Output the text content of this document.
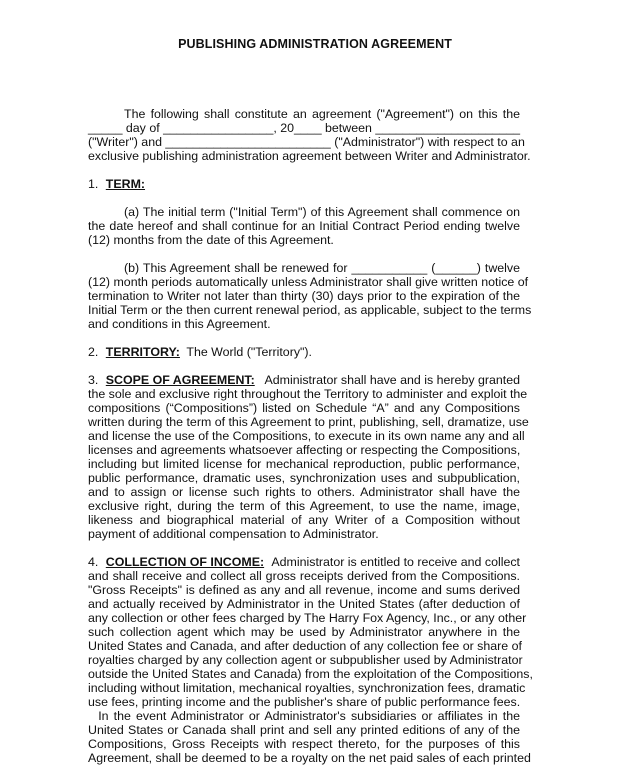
PUBLISHING ADMINISTRATION AGREEMENT
The following shall constitute an agreement ("Agreement") on this the
_____ day of ________________, 20____ between _____________________
("Writer") and ________________________ ("Administrator") with respect to an
exclusive publishing administration agreement between Writer and Administrator.
1. TERM:
(a) The initial term ("Initial Term") of this Agreement shall commence on
the date hereof and shall continue for an Initial Contract Period ending twelve
(12) months from the date of this Agreement.
(b) This Agreement shall be renewed for ___________ (______) twelve
(12) month periods automatically unless Administrator shall give written notice of
termination to Writer not later than thirty (30) days prior to the expiration of the
Initial Term or the then current renewal period, as applicable, subject to the terms
and conditions in this Agreement.
2. TERRITORY: The World ("Territory").
3. SCOPE OF AGREEMENT: Administrator shall have and is hereby granted
the sole and exclusive right throughout the Territory to administer and exploit the
compositions (“Compositions”) listed on Schedule “A” and any Compositions
written during the term of this Agreement to print, publishing, sell, dramatize, use
and license the use of the Compositions, to execute in its own name any and all
licenses and agreements whatsoever affecting or respecting the Compositions,
including but limited license for mechanical reproduction, public performance,
public performance, dramatic uses, synchronization uses and subpublication,
and to assign or license such rights to others. Administrator shall have the
exclusive right, during the term of this Agreement, to use the name, image,
likeness and biographical material of any Writer of a Composition without
payment of additional compensation to Administrator.
4. COLLECTION OF INCOME: Administrator is entitled to receive and collect
and shall receive and collect all gross receipts derived from the Compositions.
"Gross Receipts" is defined as any and all revenue, income and sums derived
and actually received by Administrator in the United States (after deduction of
any collection or other fees charged by The Harry Fox Agency, Inc., or any other
such collection agent which may be used by Administrator anywhere in the
United States and Canada, and after deduction of any collection fee or share of
royalties charged by any collection agent or subpublisher used by Administrator
outside the United States and Canada) from the exploitation of the Compositions,
including without limitation, mechanical royalties, synchronization fees, dramatic
use fees, printing income and the publisher's share of public performance fees.
In the event Administrator or Administrator's subsidiaries or affiliates in the
United States or Canada shall print and sell any printed editions of any of the
Compositions, Gross Receipts with respect thereto, for the purposes of this
Agreement, shall be deemed to be a royalty on the net paid sales of each printed
